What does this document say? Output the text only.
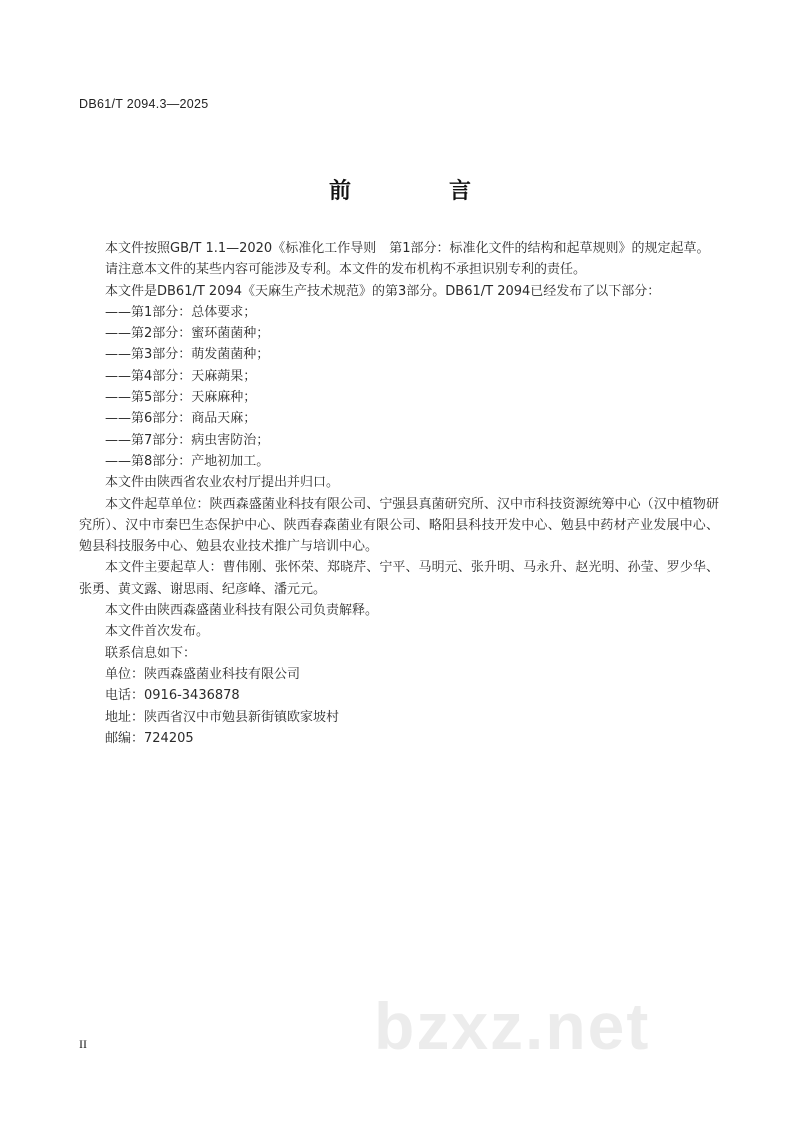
DB61/T 2094.3—2025
前　言

本文件按照GB/T 1.1—2020《标准化工作导则　第1部分：标准化文件的结构和起草规则》的规定起草。

请注意本文件的某些内容可能涉及专利。本文件的发布机构不承担识别专利的责任。

本文件是DB61/T 2094《天麻生产技术规范》的第3部分。DB61/T 2094已经发布了以下部分：

——第1部分：总体要求；

——第2部分：蜜环菌菌种；

——第3部分：萌发菌菌种；

——第4部分：天麻蒴果；

——第5部分：天麻麻种；

——第6部分：商品天麻；

——第7部分：病虫害防治；

——第8部分：产地初加工。

本文件由陕西省农业农村厅提出并归口。

本文件起草单位：陕西森盛菌业科技有限公司、宁强县真菌研究所、汉中市科技资源统筹中心（汉中植物研究所）、汉中市秦巴生态保护中心、陕西春森菌业有限公司、略阳县科技开发中心、勉县中药材产业发展中心、勉县科技服务中心、勉县农业技术推广与培训中心。

本文件主要起草人：曹伟刚、张怀荣、郑晓芹、宁平、马明元、张升明、马永升、赵光明、孙莹、罗少华、张勇、黄文露、谢思雨、纪彦峰、潘元元。

本文件由陕西森盛菌业科技有限公司负责解释。

本文件首次发布。

联系信息如下：

单位：陕西森盛菌业科技有限公司

电话：0916-3436878

地址：陕西省汉中市勉县新街镇欧家坡村

邮编：724205

bzxz.net
II
